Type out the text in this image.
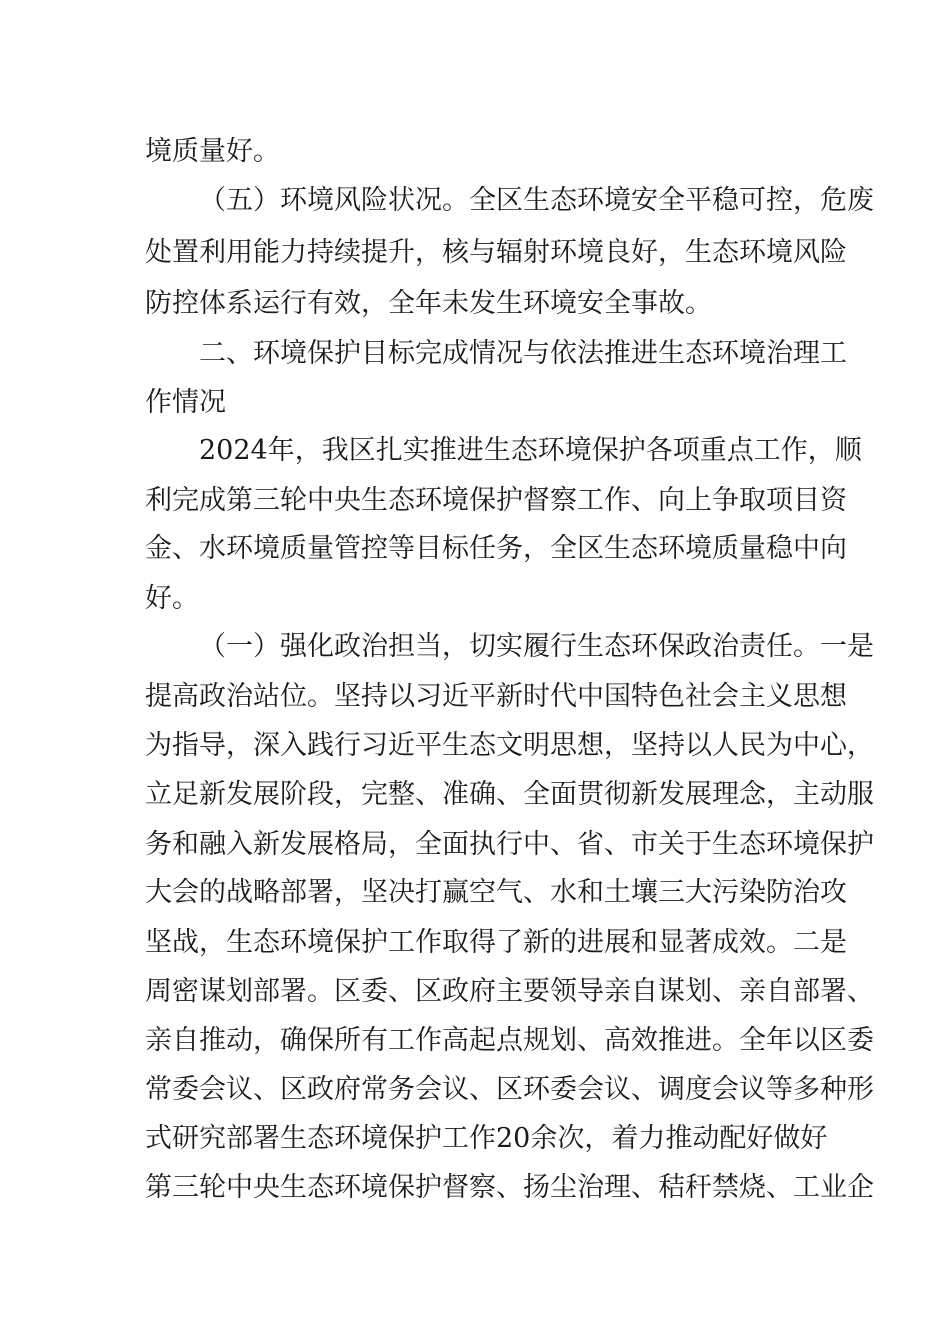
境质量好。
（五）环境风险状况。全区生态环境安全平稳可控，危废
处置利用能力持续提升，核与辐射环境良好，生态环境风险
防控体系运行有效，全年未发生环境安全事故。
二、环境保护目标完成情况与依法推进生态环境治理工
作情况
2024年，我区扎实推进生态环境保护各项重点工作，顺
利完成第三轮中央生态环境保护督察工作、向上争取项目资
金、水环境质量管控等目标任务，全区生态环境质量稳中向
好。
（一）强化政治担当，切实履行生态环保政治责任。一是
提高政治站位。坚持以习近平新时代中国特色社会主义思想
为指导，深入践行习近平生态文明思想，坚持以人民为中心，
立足新发展阶段，完整、准确、全面贯彻新发展理念，主动服
务和融入新发展格局，全面执行中、省、市关于生态环境保护
大会的战略部署，坚决打赢空气、水和土壤三大污染防治攻
坚战，生态环境保护工作取得了新的进展和显著成效。二是
周密谋划部署。区委、区政府主要领导亲自谋划、亲自部署、
亲自推动，确保所有工作高起点规划、高效推进。全年以区委
常委会议、区政府常务会议、区环委会议、调度会议等多种形
式研究部署生态环境保护工作20余次，着力推动配好做好
第三轮中央生态环境保护督察、扬尘治理、秸秆禁烧、工业企
